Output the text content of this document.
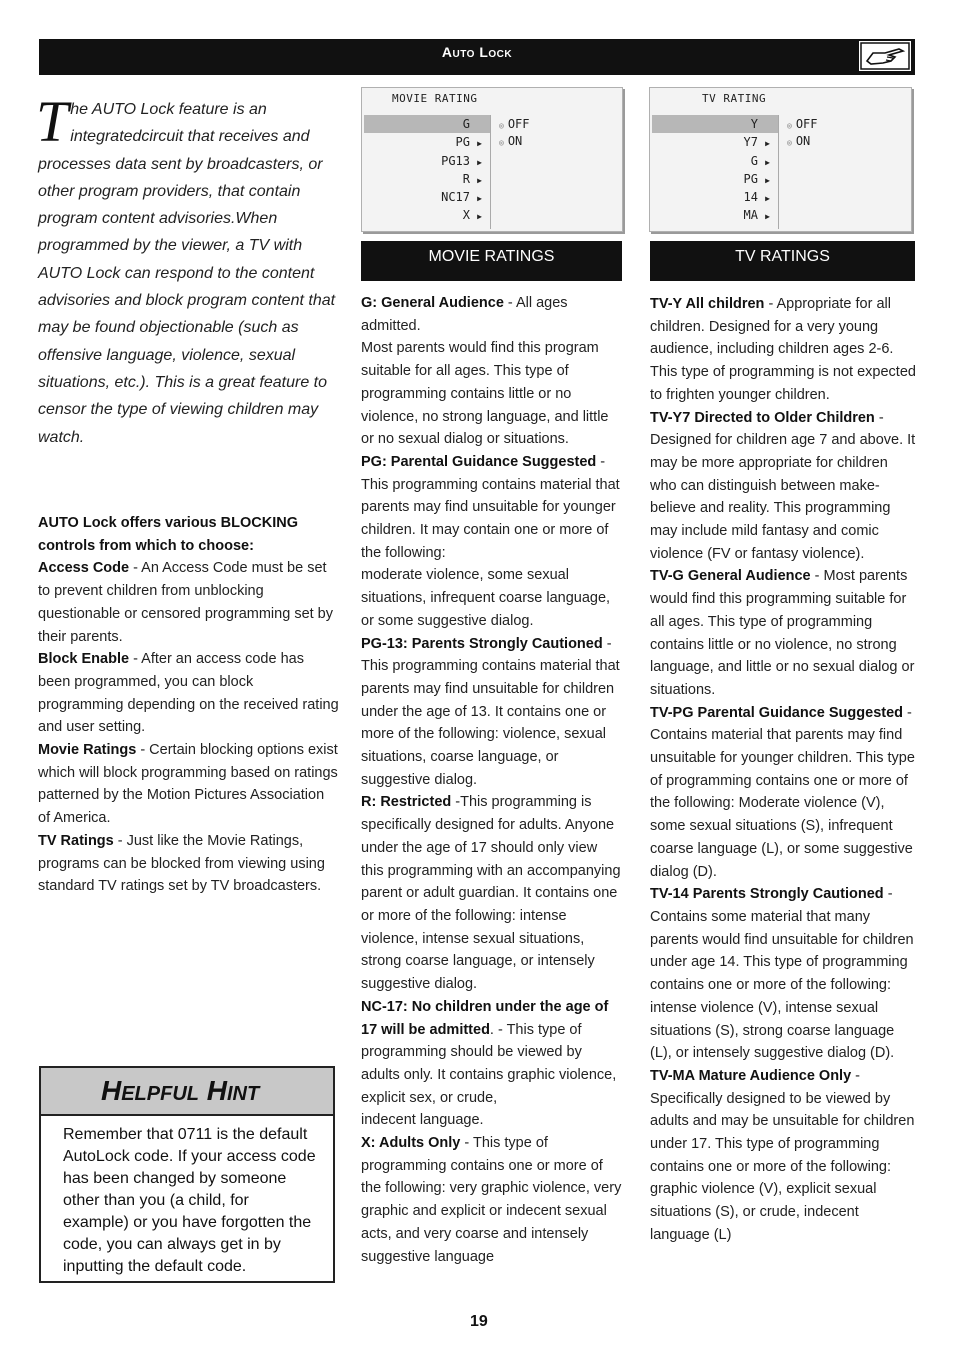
Auto Lock
T he AUTO Lock feature is an integratedcircuit that receives and processes data sent by broadcasters, or other program providers, that contain program content advisories.When programmed by the viewer, a TV with AUTO Lock can respond to the content advisories and block program content that may be found objectionable (such as offensive language, violence, sexual situations, etc.). This is a great feature to censor the type of viewing children may watch.

AUTO Lock offers various BLOCKING controls from which to choose:

Access Code - An Access Code must be set to prevent children from unblocking questionable or censored programming set by their parents.

Block Enable - After an access code has been programmed, you can block programming depending on the received rating and user setting.

Movie Ratings - Certain blocking options exist which will block programming based on ratings patterned by the Motion Pictures Association of America.

TV Ratings - Just like the Movie Ratings, programs can be blocked from viewing using standard TV ratings set by TV broadcasters.

Helpful Hint
Remember that 0711 is the default AutoLock code. If your access code has been changed by someone other than you (a child, for example) or you have forgotten the code, you can always get in by inputting the default code.
MOVIE RATING
G
PG ▶
PG13 ▶
R ▶
NC17 ▶
X ▶
◎ OFF
◎ ON
TV RATING
Y
Y7 ▶
G ▶
PG ▶
14 ▶
MA ▶
◎ OFF
◎ ON
MOVIE RATINGS	TV RATINGS

G: General Audience - All ages admitted.
Most parents would find this program suitable for all ages. This type of programming contains little or no violence, no strong language, and little or no sexual dialog or situations.

PG: Parental Guidance Suggested - This programming contains material that parents may find unsuitable for younger children. It may contain one or more of the following:
moderate violence, some sexual situations, infrequent coarse language, or some suggestive dialog.

PG-13: Parents Strongly Cautioned -
This programming contains material that parents may find unsuitable for children under the age of 13. It contains one or more of the following: violence, sexual situations, coarse language, or suggestive dialog.

R: Restricted -This programming is specifically designed for adults. Anyone under the age of 17 should only view this programming with an accompanying
parent or adult guardian. It contains one or more of the following: intense violence, intense sexual situations, strong coarse language, or intensely suggestive dialog.

NC-17: No children under the age of 17 will be admitted. - This type of programming should be viewed by adults only. It contains graphic violence, explicit sex, or crude,
indecent language.

X: Adults Only - This type of programming contains one or more of the following: very graphic violence, very graphic and explicit or indecent sexual acts, and very coarse and intensely suggestive language

TV-Y All children - Appropriate for all children. Designed for a very young audience, including children ages 2-6. This type of programming is not expected to frighten younger children.

TV-Y7 Directed to Older Children - Designed for children age 7 and above. It may be more appropriate for children who can distinguish between make-believe and reality. This programming may include mild fantasy and comic violence (FV or fantasy violence).

TV-G General Audience - Most parents would find this programming suitable for all ages. This type of programming contains little or no violence, no strong language, and little or no sexual dialog or situations.

TV-PG Parental Guidance Suggested -
Contains material that parents may find unsuitable for younger children. This type of programming contains one or more of the following: Moderate violence (V), some sexual situations (S), infrequent coarse language (L), or some suggestive dialog (D).

TV-14 Parents Strongly Cautioned - Contains some material that many parents would find unsuitable for children under age 14. This type of programming contains one or more of the following: intense violence (V), intense sexual situations (S), strong coarse language (L), or intensely suggestive dialog (D).

TV-MA Mature Audience Only - Specifically designed to be viewed by adults and may be unsuitable for children under 17. This type of programming contains one or more of the following: graphic violence (V), explicit sexual situations (S), or crude, indecent language (L)

19
